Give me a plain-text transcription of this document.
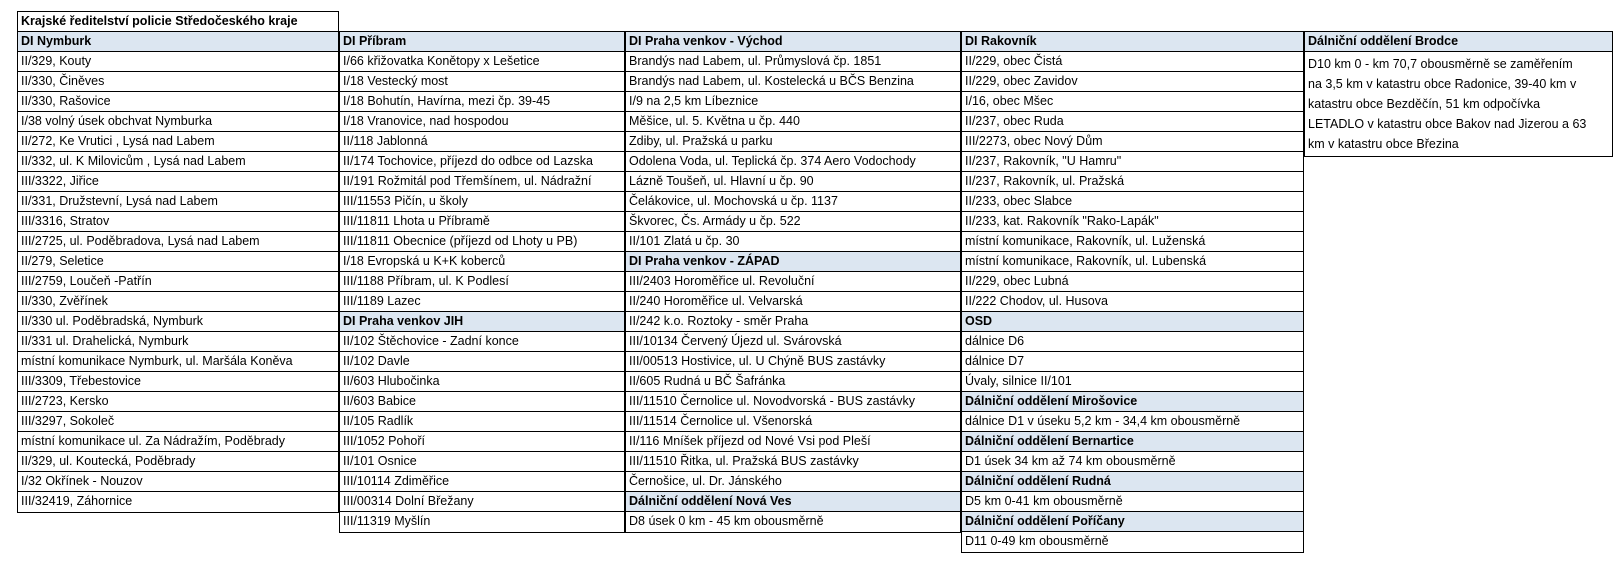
Krajské ředitelství policie Středočeského kraje
DI Nymburk
II/329, Kouty
II/330, Činěves
II/330, Rašovice
I/38 volný úsek obchvat Nymburka
II/272, Ke Vrutici , Lysá nad Labem
II/332, ul. K Milovicům , Lysá nad Labem
III/3322, Jiřice
II/331, Družstevní, Lysá nad Labem
III/3316, Stratov
III/2725, ul. Poděbradova, Lysá nad Labem
II/279, Seletice
III/2759, Loučeň -Patřín
II/330, Zvěřínek
II/330 ul. Poděbradská, Nymburk
II/331 ul. Drahelická, Nymburk
místní komunikace Nymburk, ul. Maršála Koněva
III/3309, Třebestovice
III/2723, Kersko
III/3297, Sokoleč
místní komunikace ul. Za Nádražím, Poděbrady
II/329, ul. Koutecká, Poděbrady
I/32 Okřínek - Nouzov
III/32419, Záhornice
DI Příbram
I/66 křižovatka Konětopy x Lešetice
I/18 Vestecký most
I/18 Bohutín, Havírna, mezi čp. 39-45
I/18 Vranovice, nad hospodou
II/118 Jablonná
II/174 Tochovice, příjezd do odbce od Lazska
II/191 Rožmitál pod Třemšínem, ul. Nádražní
III/11553 Pičín, u školy
III/11811 Lhota u Příbramě
III/11811 Obecnice (příjezd od Lhoty u PB)
I/18 Evropská u K+K koberců
III/1188 Příbram, ul. K Podlesí
III/1189 Lazec
DI Praha venkov JIH
II/102 Štěchovice - Zadní konce
II/102 Davle
II/603 Hlubočinka
II/603 Babice
II/105 Radlík
III/1052 Pohoří
II/101 Osnice
III/10114 Zdiměřice
III/00314 Dolní Břežany
III/11319 Myšlín
DI Praha venkov - Východ
Brandýs nad Labem, ul. Průmyslová čp. 1851
Brandýs nad Labem, ul. Kostelecká u BČS Benzina
I/9 na 2,5 km Líbeznice
Měšice, ul. 5. Května u čp. 440
Zdiby, ul. Pražská u parku
Odolena Voda, ul. Teplická čp. 374 Aero Vodochody
Lázně Toušeň, ul. Hlavní u čp. 90
Čelákovice, ul. Mochovská u čp. 1137
Škvorec, Čs. Armády u čp. 522
II/101 Zlatá u čp. 30
DI Praha venkov - ZÁPAD
III/2403 Horoměřice ul. Revoluční
II/240 Horoměřice ul. Velvarská
II/242 k.o. Roztoky - směr Praha
III/10134 Červený Újezd ul. Svárovská
III/00513 Hostivice, ul. U Chýně BUS zastávky
II/605 Rudná u BČ Šafránka
III/11510 Černolice ul. Novodvorská - BUS zastávky
III/11514 Černolice ul. Všenorská
II/116 Mníšek příjezd od Nové Vsi pod Pleší
III/11510 Řitka, ul. Pražská BUS zastávky
Černošice, ul. Dr. Jánského
Dálniční oddělení Nová Ves
D8 úsek 0 km - 45 km obousměrně
DI Rakovník
II/229, obec Čistá
II/229, obec Zavidov
I/16, obec Mšec
II/237, obec Ruda
III/2273, obec Nový Dům
II/237, Rakovník, "U Hamru"
II/237, Rakovník, ul. Pražská
II/233, obec Slabce
II/233, kat. Rakovník "Rako-Lapák"
místní komunikace, Rakovník, ul. Luženská
místní komunikace, Rakovník, ul. Lubenská
II/229, obec Lubná
II/222 Chodov, ul. Husova
OSD
dálnice D6
dálnice D7
Úvaly, silnice II/101
Dálniční oddělení Mirošovice
dálnice D1 v úseku 5,2 km - 34,4 km obousměrně
Dálniční oddělení Bernartice
D1 úsek 34 km až 74 km obousměrně
Dálniční oddělení Rudná
D5 km 0-41 km obousměrně
Dálniční oddělení Poříčany
D11 0-49 km obousměrně
Dálniční oddělení Brodce
D10 km 0 - km 70,7 obousměrně se zaměřením
na 3,5 km v katastru obce Radonice, 39-40 km v
katastru obce Bezděčín, 51 km odpočívka
LETADLO v katastru obce Bakov nad Jizerou a 63
km v katastru obce Březina
